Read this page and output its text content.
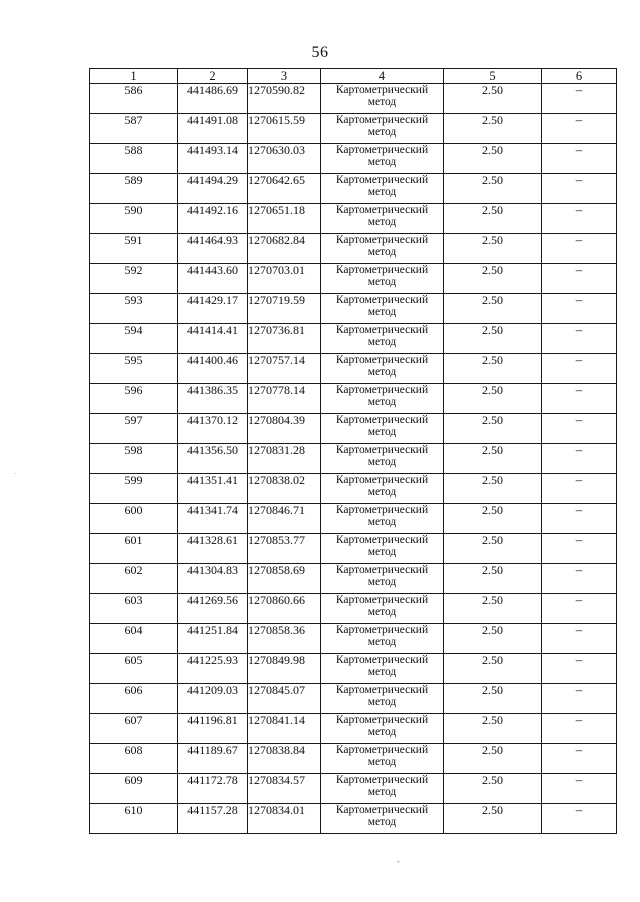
56
1	2	3	4	5	6
586	441486.69	1270590.82	Картометрический метод	2.50	–
587	441491.08	1270615.59	Картометрический метод	2.50	–
588	441493.14	1270630.03	Картометрический метод	2.50	–
589	441494.29	1270642.65	Картометрический метод	2.50	–
590	441492.16	1270651.18	Картометрический метод	2.50	–
591	441464.93	1270682.84	Картометрический метод	2.50	–
592	441443.60	1270703.01	Картометрический метод	2.50	–
593	441429.17	1270719.59	Картометрический метод	2.50	–
594	441414.41	1270736.81	Картометрический метод	2.50	–
595	441400.46	1270757.14	Картометрический метод	2.50	–
596	441386.35	1270778.14	Картометрический метод	2.50	–
597	441370.12	1270804.39	Картометрический метод	2.50	–
598	441356.50	1270831.28	Картометрический метод	2.50	–
599	441351.41	1270838.02	Картометрический метод	2.50	–
600	441341.74	1270846.71	Картометрический метод	2.50	–
601	441328.61	1270853.77	Картометрический метод	2.50	–
602	441304.83	1270858.69	Картометрический метод	2.50	–
603	441269.56	1270860.66	Картометрический метод	2.50	–
604	441251.84	1270858.36	Картометрический метод	2.50	–
605	441225.93	1270849.98	Картометрический метод	2.50	–
606	441209.03	1270845.07	Картометрический метод	2.50	–
607	441196.81	1270841.14	Картометрический метод	2.50	–
608	441189.67	1270838.84	Картометрический метод	2.50	–
609	441172.78	1270834.57	Картометрический метод	2.50	–
610	441157.28	1270834.01	Картометрический метод	2.50	–
-
.
